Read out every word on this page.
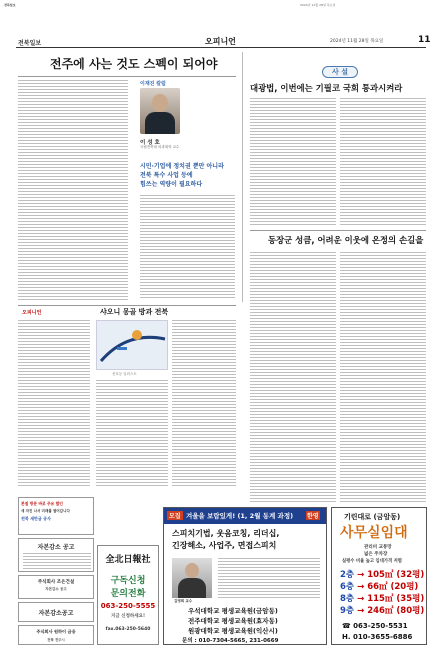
전북일보	2024년 11월 28일 목요일
전북일보	오피니언	2024년 11월 28일 목요일	11
전주에 사는 것도 스펙이 되어야
이재진 칼럼
이 성 호
국립전북대 의과대학 교수
시민·기업에 정치권 뿐만 아니라
전북 특수 사업 등에
힘쓰는 역량이 필요하다
사 설
대광법, 이번에는 기필코 국회 통과시켜라
동장군 성큼, 어려운 이웃에 온정의 손길을
오피니언	샤오니 몽골 방과 전북
신호등 일러스트
본점 방문 바로 주유 할인
세 자진 나서 미래를 열어갑니다
전북 새만금 공사
자본감소 공고
주식회사 조은건설
자본감소 공고
자본감소공고
주식회사 원하이 금융
전북 전주시
全北日報社
구독신청
문의전화
063-250-5555
지금 신청하세요!
fax.063-250-5640
모집 겨울을 보람있게! (1, 2월 동계 과정) 한영
스피치기법, 웃음코칭, 리더십,
긴장해소, 사업주, 면접스피치
김영희 교수
우석대학교 평생교육원(금암동)
전주대학교 평생교육원(효자동)
원광대학교 평생교육원(익산시)
문의 : 010-7304-5665, 231-0669
기린대로 (금암동)
사무실임대
관리비 교통망
넓은 주차장
실평수 비율 높고 임대가격 저렴
2층 → 105㎡ (32평)
6층 → 66㎡ (20평)
8층 → 115㎡ (35평)
9층 → 246㎡ (80평)
☎ 063-250-5531
H. 010-3655-6886
